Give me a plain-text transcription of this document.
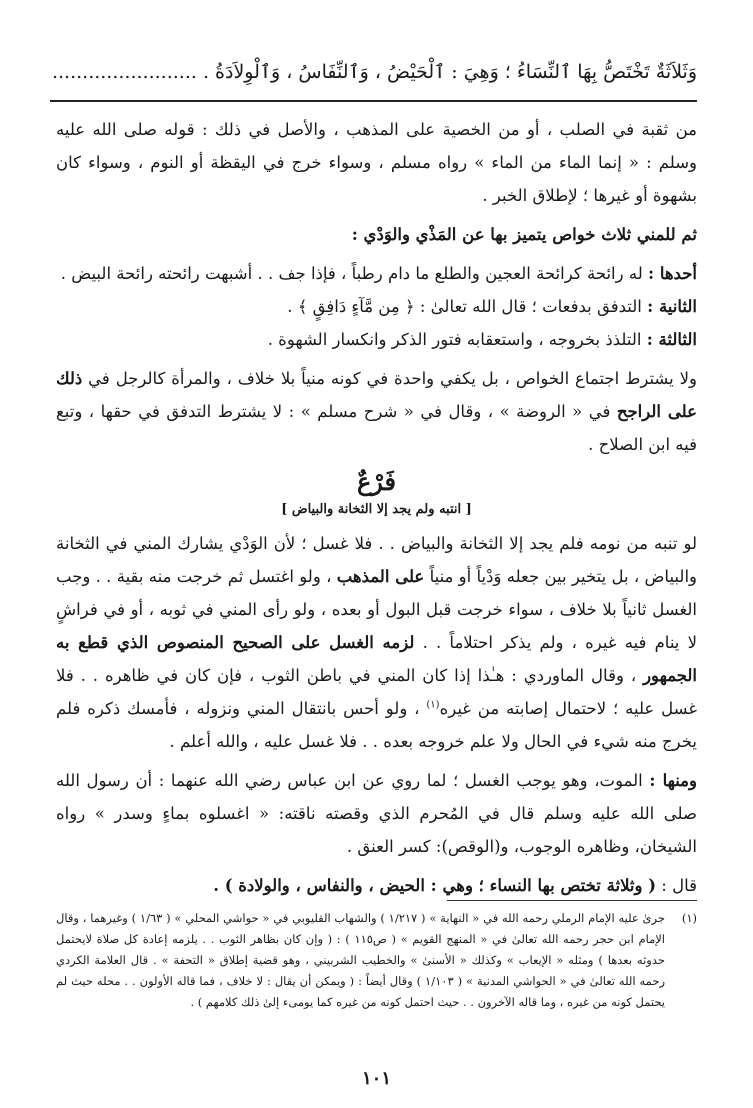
وَثَلاَثَةٌ تَخْتَصُّ بِهَا ٱلنِّسَاءُ ؛ وَهِيَ : ٱلْحَيْضُ ، وَٱلنِّفَاسُ ، وَٱلْوِلاَدَةُ . ........................

من ثقبة في الصلب ، أو من الخصية على المذهب ، والأصل في ذلك : قوله صلى الله عليه وسلم : « إنما الماء من الماء » رواه مسلم ، وسواء خرج في اليقظة أو النوم ، وسواء كان بشهوة أو غيرها ؛ لإطلاق الخبر .

ثم للمني ثلاث خواص يتميز بها عن المَذْي والوَدْي :

أحدها : له رائحة كرائحة العجين والطلع ما دام رطباً ، فإذا جف . . أشبهت رائحته رائحة البيض .

الثانية : التدفق بدفعات ؛ قال الله تعالىٰ : ﴿ مِن مَّآءٍ دَافِقٍ ﴾ .

الثالثة : التلذذ بخروجه ، واستعقابه فتور الذكر وانكسار الشهوة .

ولا يشترط اجتماع الخواص ، بل يكفي واحدة في كونه منياً بلا خلاف ، والمرأة كالرجل في ذلك على الراجح في « الروضة » ، وقال في « شرح مسلم » : لا يشترط التدفق في حقها ، وتبع فيه ابن الصلاح .

فَرْعٌ
[ انتبه ولم يجد إلا الثخانة والبياض ]

لو تنبه من نومه فلم يجد إلا الثخانة والبياض . . فلا غسل ؛ لأن الوَدْي يشارك المني في الثخانة والبياض ، بل يتخير بين جعله وَدْياً أو منياً على المذهب ، ولو اغتسل ثم خرجت منه بقية . . وجب الغسل ثانياً بلا خلاف ، سواء خرجت قبل البول أو بعده ، ولو رأى المني في ثوبه ، أو في فراشٍ لا ينام فيه غيره ، ولم يذكر احتلاماً . . لزمه الغسل على الصحيح المنصوص الذي قطع به الجمهور ، وقال الماوردي : هـٰذا إذا كان المني في باطن الثوب ، فإن كان في ظاهره . . فلا غسل عليه ؛ لاحتمال إصابته من غيره$^{(١)}$ ، ولو أحس بانتقال المني ونزوله ، فأمسك ذكره فلم يخرج منه شيء في الحال ولا علم خروجه بعده . . فلا غسل عليه ، والله أعلم .

ومنها : الموت، وهو يوجب الغسل ؛ لما روي عن ابن عباس رضي الله عنهما : أن رسول الله صلى الله عليه وسلم قال في المُحرم الذي وقصته ناقته: « اغسلوه بماءٍ وسدر » رواه الشيخان، وظاهره الوجوب، و(الوقص): كسر العنق .

قال : ( وثلاثة تختص بها النساء ؛ وهي : الحيض ، والنفاس ، والولادة ) .

(١)
جرىٰ عليه الإمام الرملي رحمه الله في « النهاية » ( ١/٢١٧ ) والشهاب القليوبي في « حواشي المحلي » ( ١/٦٣ ) وغيرهما ، وقال الإمام ابن حجر رحمه الله تعالىٰ في « المنهج القويم » ( ص١١٥ ) : ( وإن كان بظاهر الثوب . . يلزمه إعادة كل صلاة لايحتمل حدوثه بعدها ) ومثله « الإيعاب » وكذلك « الأسنىٰ » والخطيب الشربيني ، وهو قضية إطلاق « التحفة » . قال العلامة الكردي رحمه الله تعالىٰ في « الحواشي المدنية » ( ١/١٠٣ ) وقال أيضاً : ( ويمكن أن يقال : لا خلاف ، فما قاله الأولون . . محله حيث لم يحتمل كونه من غيره ، وما قاله الآخرون . . حيث احتمل كونه من غيره كما يومىء إلىٰ ذلك كلامهم ) .
١٠١
